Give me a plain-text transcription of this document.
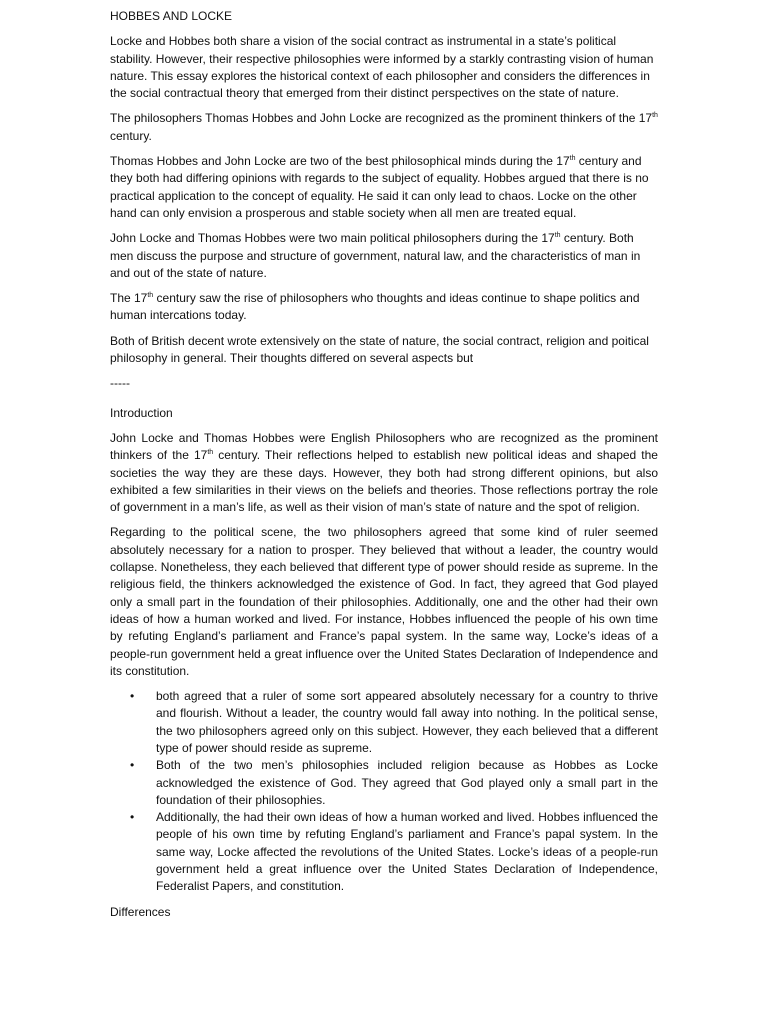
HOBBES AND LOCKE

Locke and Hobbes both share a vision of the social contract as instrumental in a state’s political stability. However, their respective philosophies were informed by a starkly contrasting vision of human nature. This essay explores the historical context of each philosopher and considers the differences in the social contractual theory that emerged from their distinct perspectives on the state of nature.

The philosophers Thomas Hobbes and John Locke are recognized as the prominent thinkers of the 17th century.

Thomas Hobbes and John Locke are two of the best philosophical minds during the 17th century and they both had differing opinions with regards to the subject of equality. Hobbes argued that there is no practical application to the concept of equality. He said it can only lead to chaos. Locke on the other hand can only envision a prosperous and stable society when all men are treated equal.

John Locke and Thomas Hobbes were two main political philosophers during the 17th century. Both men discuss the purpose and structure of government, natural law, and the characteristics of man in and out of the state of nature.

The 17th century saw the rise of philosophers who thoughts and ideas continue to shape politics and human intercations today.

Both of British decent wrote extensively on the state of nature, the social contract, religion and poitical philosophy in general. Their thoughts differed on several aspects but

-----

Introduction

John Locke and Thomas Hobbes were English Philosophers who are recognized as the prominent thinkers of the 17th century. Their reflections helped to establish new political ideas and shaped the societies the way they are these days. However, they both had strong different opinions, but also exhibited a few similarities in their views on the beliefs and theories. Those reflections portray the role of government in a man’s life, as well as their vision of man’s state of nature and the spot of religion.

Regarding to the political scene, the two philosophers agreed that some kind of ruler seemed absolutely necessary for a nation to prosper. They believed that without a leader, the country would collapse. Nonetheless, they each believed that different type of power should reside as supreme. In the religious field, the thinkers acknowledged the existence of God. In fact, they agreed that God played only a small part in the foundation of their philosophies. Additionally, one and the other had their own ideas of how a human worked and lived. For instance, Hobbes influenced the people of his own time by refuting England’s parliament and France’s papal system. In the same way, Locke’s ideas of a people-run government held a great influence over the United States Declaration of Independence and its constitution.

• both agreed that a ruler of some sort appeared absolutely necessary for a country to thrive and flourish. Without a leader, the country would fall away into nothing. In the political sense, the two philosophers agreed only on this subject. However, they each believed that a different type of power should reside as supreme.
• Both of the two men’s philosophies included religion because as Hobbes as Locke acknowledged the existence of God. They agreed that God played only a small part in the foundation of their philosophies.
• Additionally, the had their own ideas of how a human worked and lived. Hobbes influenced the people of his own time by refuting England’s parliament and France’s papal system. In the same way, Locke affected the revolutions of the United States. Locke’s ideas of a people-run government held a great influence over the United States Declaration of Independence, Federalist Papers, and constitution.

Differences
